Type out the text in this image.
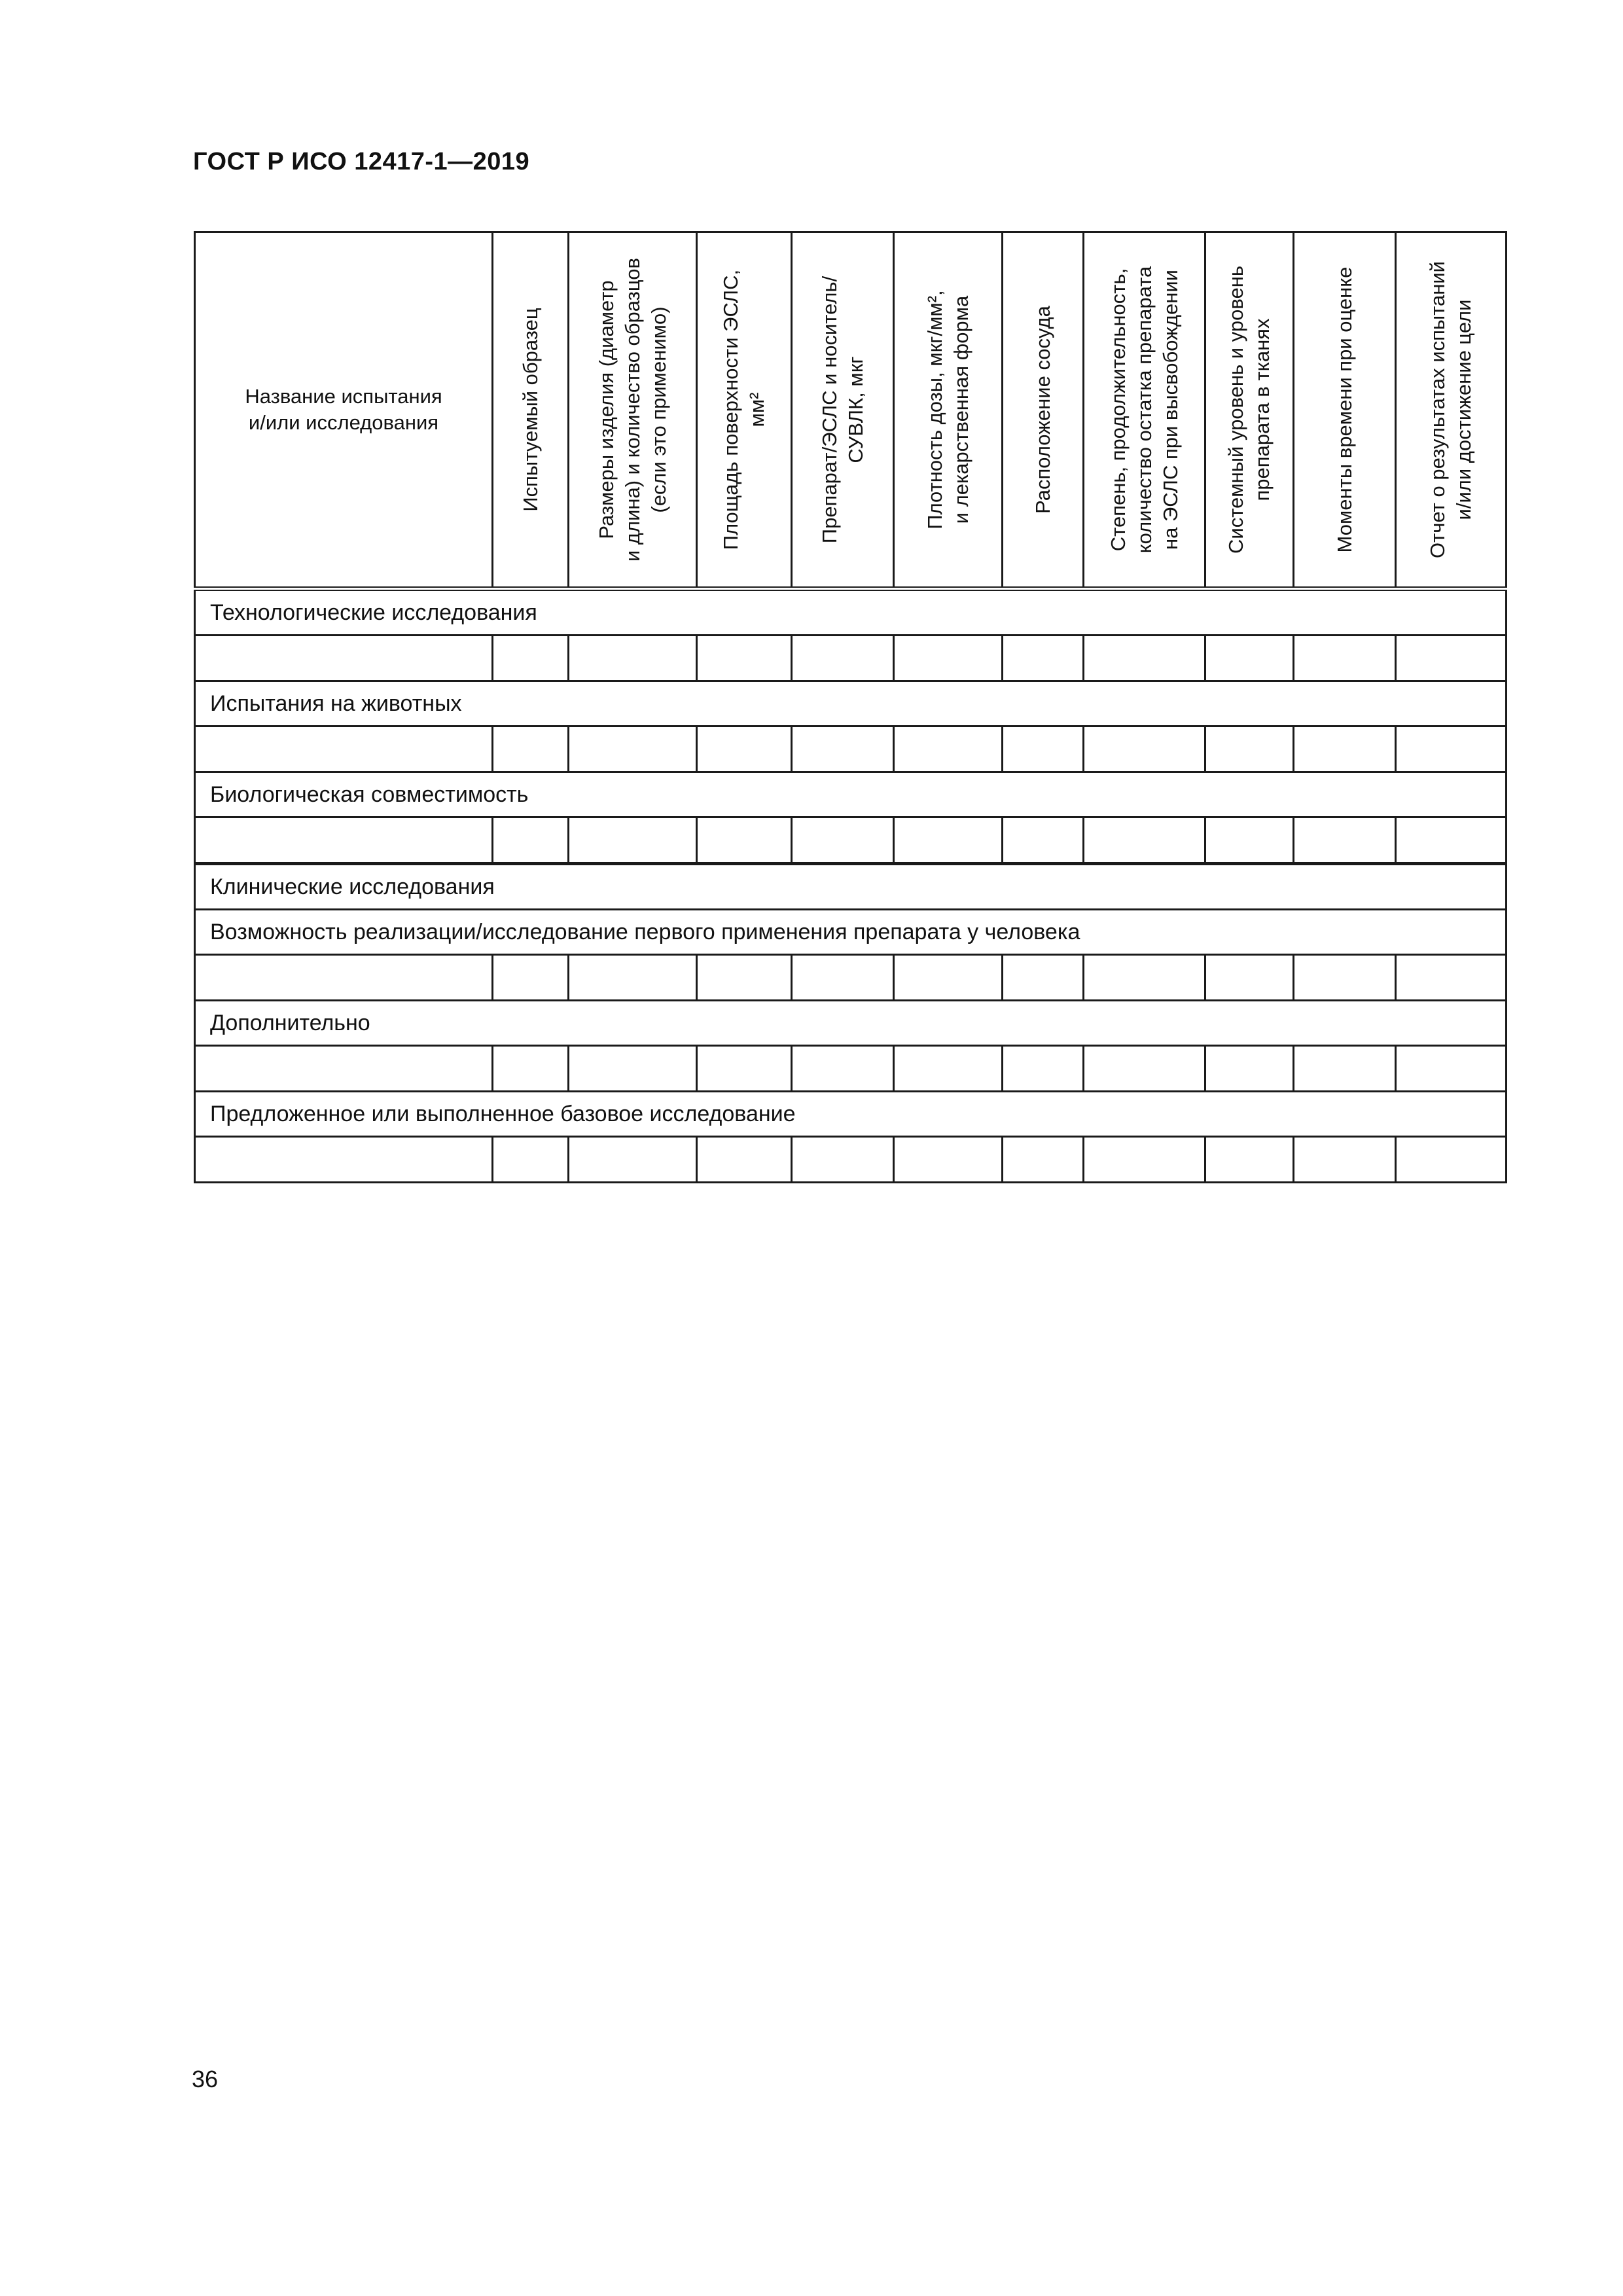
ГОСТ Р ИСО 12417-1—2019
Название испытания
и/или исследования	Испытуемый образец	Размеры изделия (диаметр и длина) и количество образцов (если это применимо)	Площадь поверхности ЭСЛС, мм²	Препарат/ЭСЛС и носитель/ СУВЛК, мкг	Плотность дозы, мкг/мм², и лекарственная форма	Расположение сосуда	Степень, продолжительность, количество остатка препарата на ЭСЛС при высвобождении	Системный уровень и уровень препарата в тканях	Моменты времени при оценке	Отчет о результатах испытаний и/или достижение цели

Технологические исследования										

Испытания на животных										

Биологическая совместимость										

Клинические исследования										
Возможность реализации/исследование первого применения препарата у человека										

Дополнительно										

Предложенное или выполненное базовое исследование										

36
